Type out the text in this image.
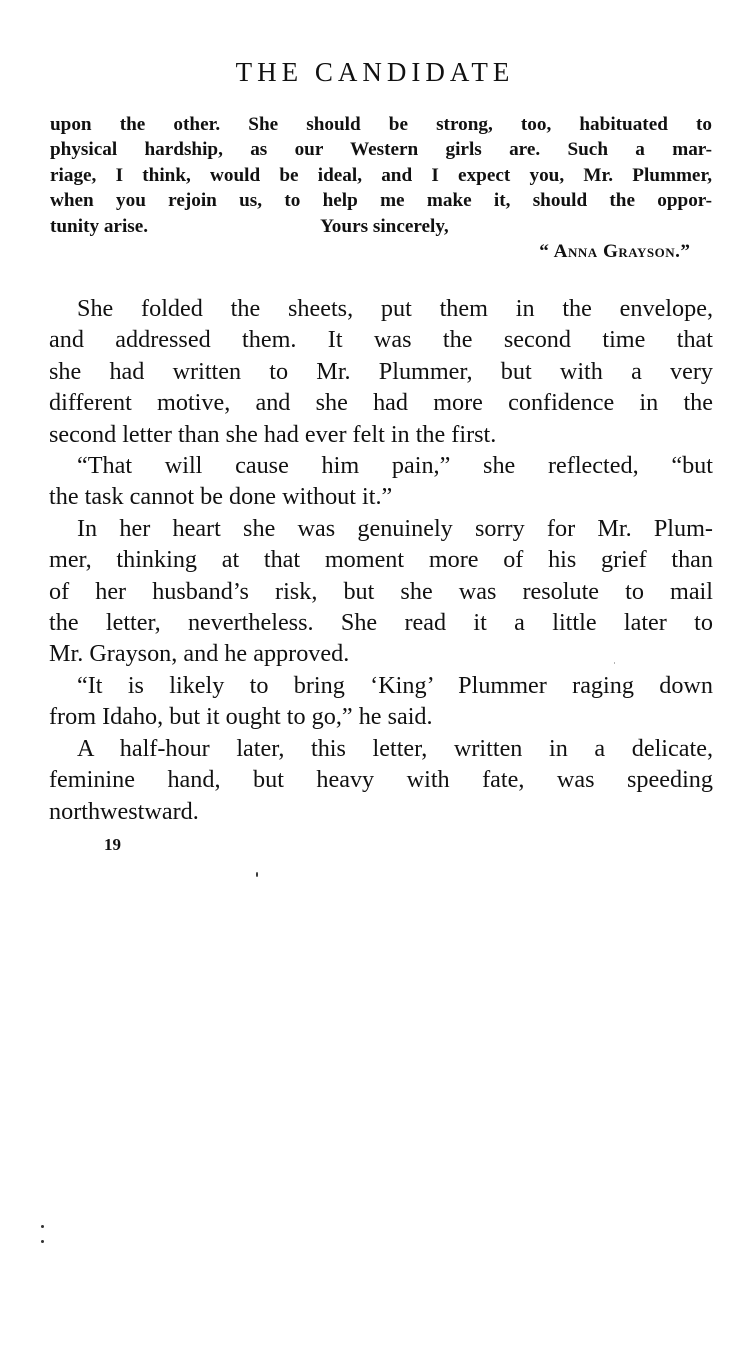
THE CANDIDATE
upon the other. She should be strong, too, habituated to
physical hardship, as our Western girls are. Such a mar-
riage, I think, would be ideal, and I expect you, Mr. Plummer,
when you rejoin us, to help me make it, should the oppor-
tunity arise.	Yours sincerely,
“ Anna Grayson.”
She folded the sheets, put them in the envelope,
and addressed them. It was the second time that
she had written to Mr. Plummer, but with a very
different motive, and she had more confidence in the
second letter than she had ever felt in the first.
“That will cause him pain,” she reflected, “but
the task cannot be done without it.”
In her heart she was genuinely sorry for Mr. Plum-
mer, thinking at that moment more of his grief than
of her husband’s risk, but she was resolute to mail
the letter, nevertheless. She read it a little later to
Mr. Grayson, and he approved.
“It is likely to bring ‘King’ Plummer raging down
from Idaho, but it ought to go,” he said.
A half-hour later, this letter, written in a delicate,
feminine hand, but heavy with fate, was speeding
northwestward.
19
